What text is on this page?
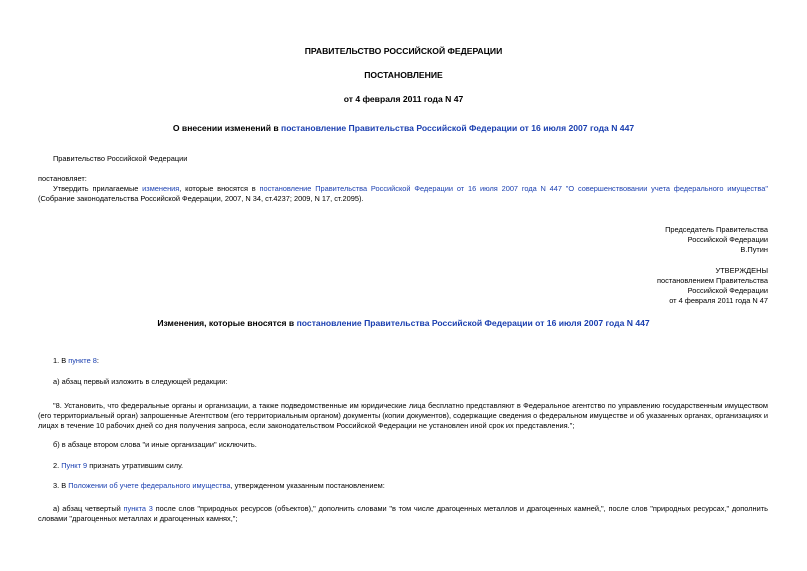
ПРАВИТЕЛЬСТВО РОССИЙСКОЙ ФЕДЕРАЦИИ
ПОСТАНОВЛЕНИЕ
от 4 февраля 2011 года N 47
О внесении изменений в постановление Правительства Российской Федерации от 16 июля 2007 года N 447
Правительство Российской Федерации
постановляет:
Утвердить прилагаемые изменения, которые вносятся в постановление Правительства Российской Федерации от 16 июля 2007 года N 447 "О совершенствовании учета федерального имущества" (Собрание законодательства Российской Федерации, 2007, N 34, ст.4237; 2009, N 17, ст.2095).
Председатель Правительства
Российской Федерации
В.Путин
УТВЕРЖДЕНЫ
постановлением Правительства
Российской Федерации
от 4 февраля 2011 года N 47
Изменения, которые вносятся в постановление Правительства Российской Федерации от 16 июля 2007 года N 447
1. В пункте 8:
а) абзац первый изложить в следующей редакции:
"8. Установить, что федеральные органы и организации, а также подведомственные им юридические лица бесплатно представляют в Федеральное агентство по управлению государственным имуществом (его территориальный орган) запрошенные Агентством (его территориальным органом) документы (копии документов), содержащие сведения о федеральном имуществе и об указанных органах, организациях и лицах в течение 10 рабочих дней со дня получения запроса, если законодательством Российской Федерации не установлен иной срок их представления.";
б) в абзаце втором слова "и иные организации" исключить.
2. Пункт 9 признать утратившим силу.
3. В Положении об учете федерального имущества, утвержденном указанным постановлением:
а) абзац четвертый пункта 3 после слов "природных ресурсов (объектов)," дополнить словами "в том числе драгоценных металлов и драгоценных камней,", после слов "природных ресурсах," дополнить словами "драгоценных металлах и драгоценных камнях,";
